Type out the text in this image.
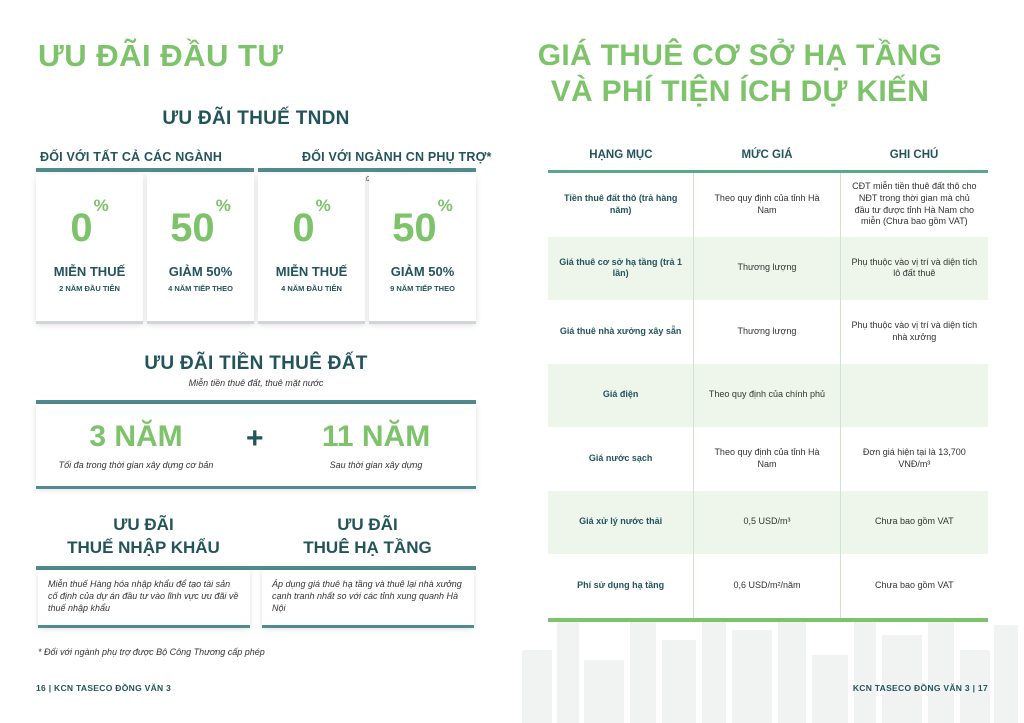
ƯU ĐÃI ĐẦU TƯ
ƯU ĐÃI THUẾ TNDN
ĐỐI VỚI TẤT CẢ CÁC NGÀNH	ĐỐI VỚI NGÀNH CN PHỤ TRỢ*
0%
MIỄN THUẾ
2 NĂM ĐẦU TIÊN
50%
GIẢM 50%
4 NĂM TIẾP THEO
0%
MIỄN THUẾ
4 NĂM ĐẦU TIÊN
50%
GIẢM 50%
9 NĂM TIẾP THEO
ƯU ĐÃI TIỀN THUÊ ĐẤT
Miễn tiền thuê đất, thuê mặt nước
3 NĂM
Tối đa trong thời gian xây dựng cơ bản
+	11 NĂM
Sau thời gian xây dựng
ƯU ĐÃI
THUẾ NHẬP KHẨU
ƯU ĐÃI
THUÊ HẠ TẦNG
Miễn thuế Hàng hóa nhập khẩu để tạo tài sản cố định của dự án đầu tư vào lĩnh vực ưu đãi về thuế nhập khẩu
Áp dụng giá thuê hạ tầng và thuê lại nhà xưởng cạnh tranh nhất so với các tỉnh xung quanh Hà Nội
* Đối với ngành phụ trợ được Bộ Công Thương cấp phép
16 | KCN TASECO ĐỒNG VĂN 3
GIÁ THUÊ CƠ SỞ HẠ TẦNG
VÀ PHÍ TIỆN ÍCH DỰ KIẾN
HẠNG MỤC	MỨC GIÁ	GHI CHÚ
Tiền thuê đất thô (trả hàng năm)	Theo quy định của tỉnh Hà Nam	CĐT miễn tiền thuê đất thô cho NĐT trong thời gian mà chủ đầu tư được tỉnh Hà Nam cho miễn (Chưa bao gồm VAT)
Giá thuê cơ sở hạ tầng (trả 1 lần)	Thương lượng	Phụ thuộc vào vị trí và diện tích lô đất thuê
Giá thuê nhà xưởng xây sẵn	Thương lượng	Phụ thuộc vào vị trí và diện tích nhà xưởng
Giá điện	Theo quy định của chính phủ	
Giá nước sạch	Theo quy định của tỉnh Hà Nam	Đơn giá hiện tại là 13,700 VNĐ/m³
Giá xử lý nước thải	0,5 USD/m³	Chưa bao gồm VAT
Phí sử dụng hạ tầng	0,6 USD/m²/năm	Chưa bao gồm VAT
KCN TASECO ĐỒNG VĂN 3 | 17
